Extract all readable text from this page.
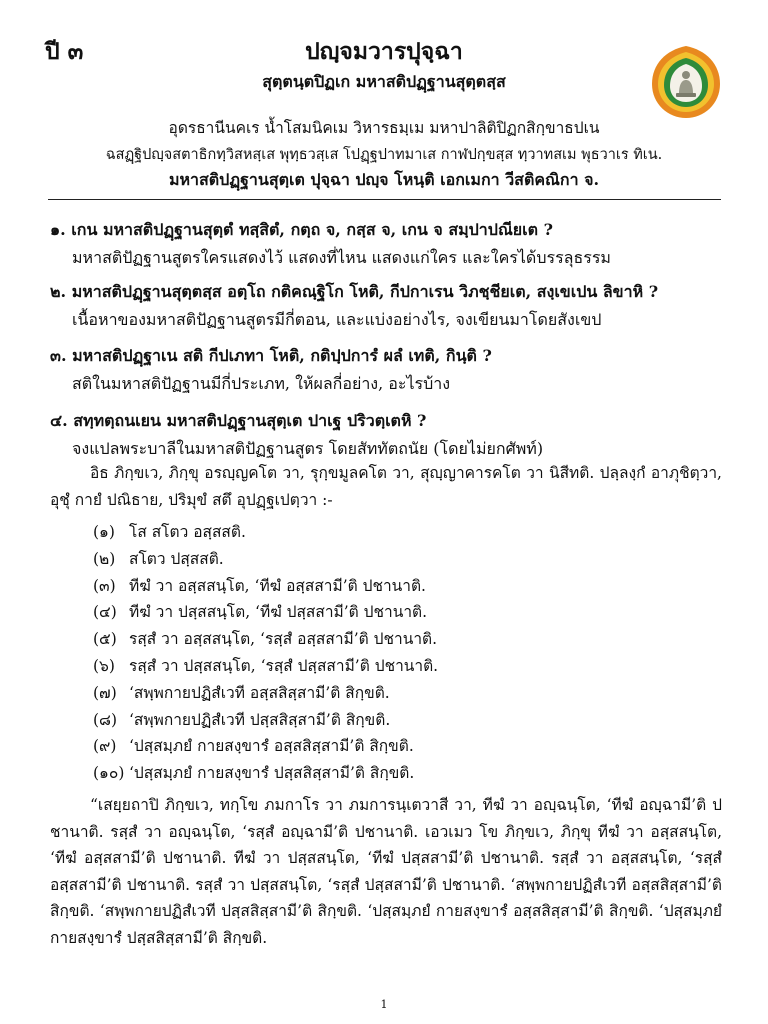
ปี ๓	ปญฺจมวารปุจฺฉา
สุตฺตนฺตปิฏเก มหาสติปฏฺฐานสุตฺตสฺส
อุดรธานีนคเร น้ำโสมนิคเม วิหารธมฺเม มหาปาลิติปิฏกสิกฺขาธปเน
ฉสฏฺฐิปญฺจสตาธิกทฺวิสหสฺเส พุทฺธวสฺเส โปฏฺฐปาทมาเส กาฬปกฺขสฺส ทฺวาทสเม พุธวาเร ทิเน.
มหาสติปฏฺฐานสุตฺเต ปุจฺฉา ปญฺจ โหนฺติ เอกเมกา วีสติคณิกา จ.
๑. เกน มหาสติปฏฺฐานสุตฺตํ ทสฺสิตํ, กตฺถ จ, กสฺส จ, เกน จ สมฺปาปณียเต ?
มหาสติปัฏฐานสูตรใครแสดงไว้ แสดงที่ไหน แสดงแก่ใคร และใครได้บรรลุธรรม
๒. มหาสติปฏฺฐานสุตฺตสฺส อตฺโถ กติคณฺฐิโก โหติ, กีปกาเรน วิภชฺชียเต, สงฺเขเปน ลิขาหิ ?
เนื้อหาของมหาสติปัฏฐานสูตรมีกี่ตอน, และแบ่งอย่างไร, จงเขียนมาโดยสังเขป
๓. มหาสติปฏฺฐาเน สติ กีปเภทา โหติ, กติปฺปการํ ผลํ เทติ, กินฺติ ?
สติในมหาสติปัฏฐานมีกี่ประเภท, ให้ผลกี่อย่าง, อะไรบ้าง
๔. สทฺทตฺถนเยน มหาสติปฏฺฐานสุตฺเต ปาเฐ ปริวตฺเตหิ ?
จงแปลพระบาลีในมหาสติปัฏฐานสูตร โดยสัททัตถนัย (โดยไม่ยกศัพท์)
อิธ ภิกฺขเว, ภิกฺขุ อรญฺญคโต วา, รุกฺขมูลคโต วา, สุญฺญาคารคโต วา นิสีทติ. ปลฺลงฺกํ อาภุชิตฺวา, อุชุํ กายํ ปณิธาย, ปริมุขํ สตึ อุปฏฺฐเปตฺวา :-
(๑) โส สโตว อสฺสสติ.
(๒) สโตว ปสฺสสติ.
(๓) ทีฆํ วา อสฺสสนฺโต, ‘ทีฆํ อสฺสสามี’ติ ปชานาติ.
(๔) ทีฆํ วา ปสฺสสนฺโต, ‘ทีฆํ ปสฺสสามี’ติ ปชานาติ.
(๕) รสฺสํ วา อสฺสสนฺโต, ‘รสฺสํ อสฺสสามี’ติ ปชานาติ.
(๖) รสฺสํ วา ปสฺสสนฺโต, ‘รสฺสํ ปสฺสสามี’ติ ปชานาติ.
(๗) ‘สพฺพกายปฏิสํเวที อสฺสสิสฺสามี’ติ สิกฺขติ.
(๘) ‘สพฺพกายปฏิสํเวที ปสฺสสิสฺสามี’ติ สิกฺขติ.
(๙) ‘ปสฺสมฺภยํ กายสงฺขารํ อสฺสสิสฺสามี’ติ สิกฺขติ.
(๑๐) ‘ปสฺสมฺภยํ กายสงฺขารํ ปสฺสสิสฺสามี’ติ สิกฺขติ.
“เสยฺยถาปิ ภิกฺขเว, ทกฺโข ภมกาโร วา ภมการนฺเตวาสี วา, ทีฆํ วา อญฺฉนฺโต, ‘ทีฆํ อญฺฉามี’ติ ปชานาติ. รสฺสํ วา อญฺฉนฺโต, ‘รสฺสํ อญฺฉามี’ติ ปชานาติ. เอวเมว โข ภิกฺขเว, ภิกฺขุ ทีฆํ วา อสฺสสนฺโต, ‘ทีฆํ อสฺสสามี’ติ ปชานาติ. ทีฆํ วา ปสฺสสนฺโต, ‘ทีฆํ ปสฺสสามี’ติ ปชานาติ. รสฺสํ วา อสฺสสนฺโต, ‘รสฺสํ อสฺสสามี’ติ ปชานาติ. รสฺสํ วา ปสฺสสนฺโต, ‘รสฺสํ ปสฺสสามี’ติ ปชานาติ. ‘สพฺพกายปฏิสํเวที อสฺสสิสฺสามี’ติ สิกฺขติ. ‘สพฺพกายปฏิสํเวที ปสฺสสิสฺสามี’ติ สิกฺขติ. ‘ปสฺสมฺภยํ กายสงฺขารํ อสฺสสิสฺสามี’ติ สิกฺขติ. ‘ปสฺสมฺภยํ กายสงฺขารํ ปสฺสสิสฺสามี’ติ สิกฺขติ.
1
